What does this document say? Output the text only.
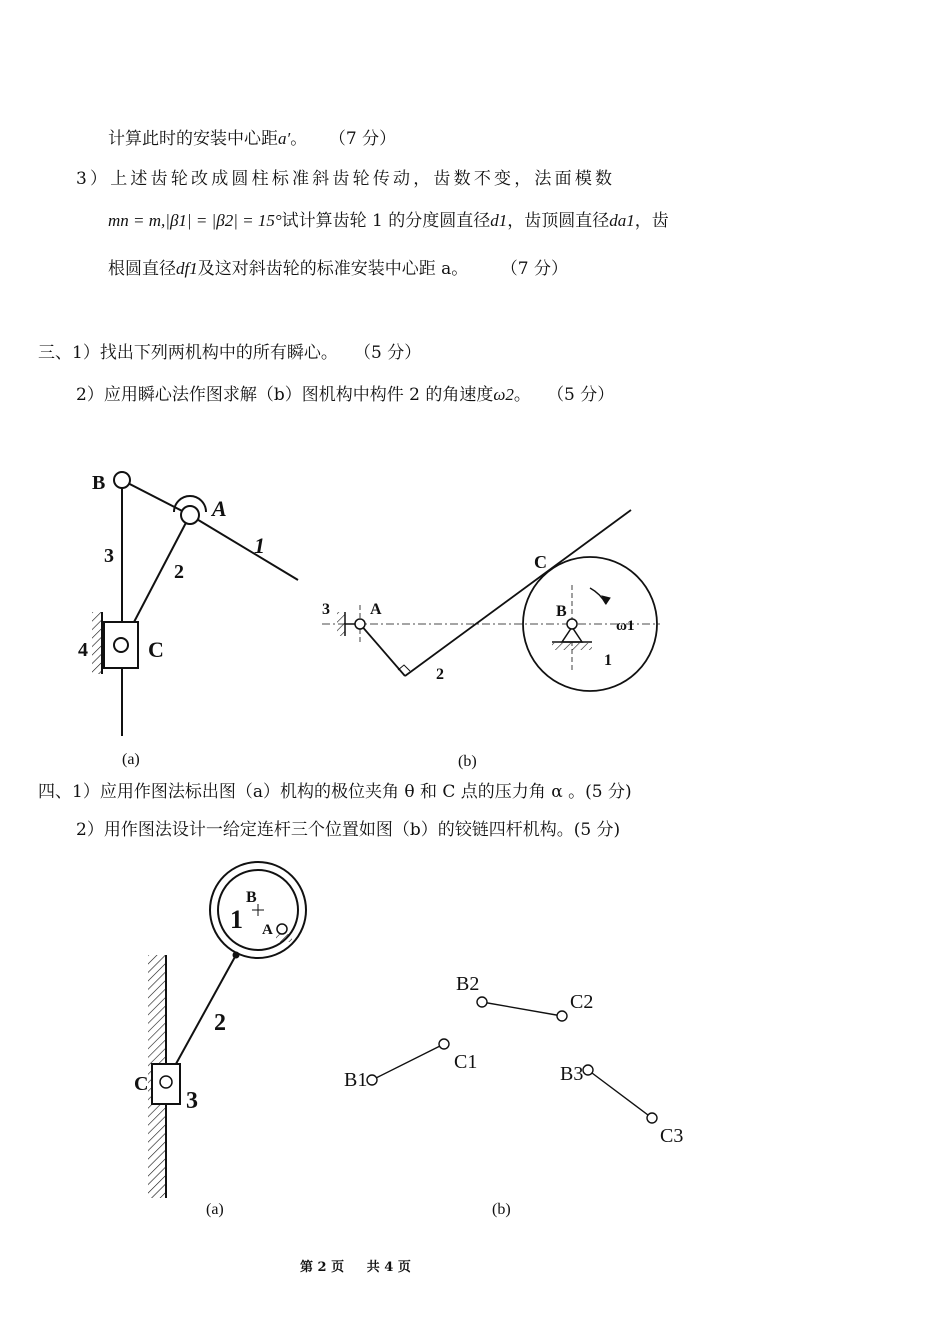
计算此时的安装中心距a′。 （7 分）
3）上述齿轮改成圆柱标准斜齿轮传动，齿数不变，法面模数
mn = m,|β1| = |β2| = 15°试计算齿轮 1 的分度圆直径d1，齿顶圆直径da1，齿
根圆直径df1及这对斜齿轮的标准安装中心距 a。 （7 分）
三、1）找出下列两机构中的所有瞬心。 （5 分）
2）应用瞬心法作图求解（b）图机构中构件 2 的角速度ω2。 （5 分）
B
A
1
2
3
4	C
(a)
3	A
C
B
ω1
1
2
(b)
B
A
1
2
C
3
(a)
B1
C1
B2
C2
B3
C3
(b)
四、1）应用作图法标出图（a）机构的极位夹角 θ 和 C 点的压力角 α 。(5 分)
2）用作图法设计一给定连杆三个位置如图（b）的铰链四杆机构。(5 分)
第 2 页 共 4 页
